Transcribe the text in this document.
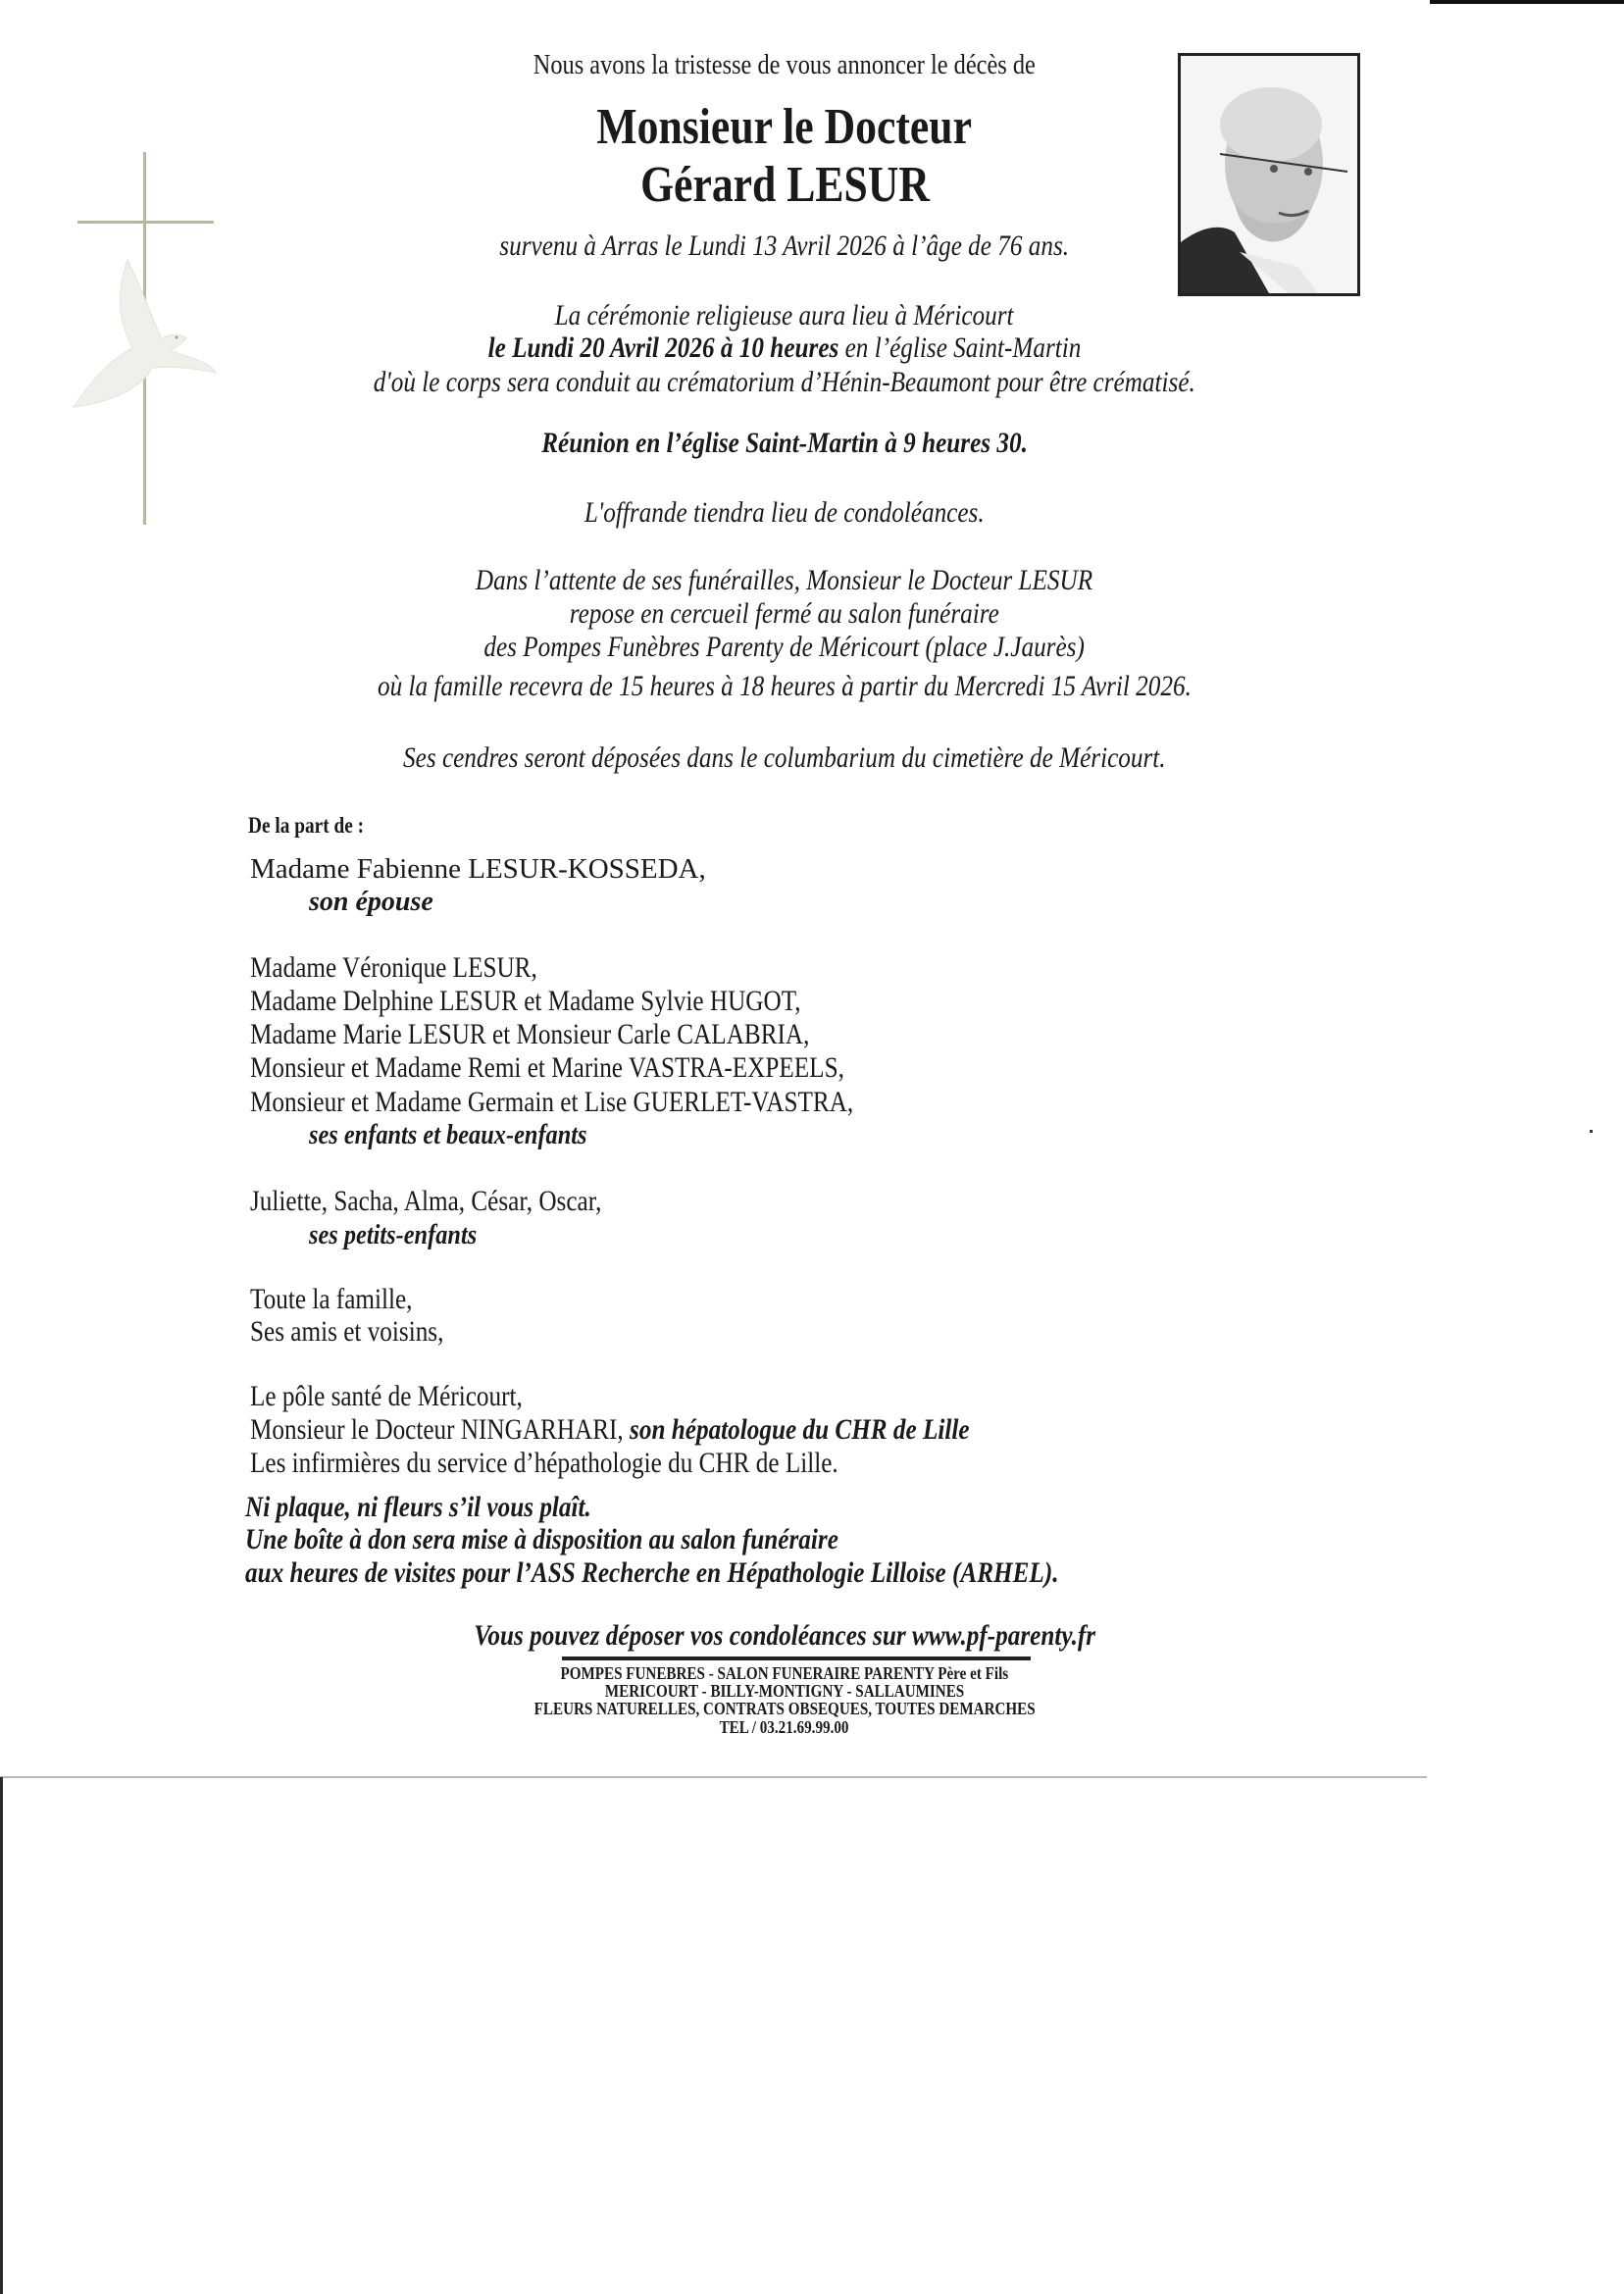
Nous avons la tristesse de vous annoncer le décès de
Monsieur le Docteur
Gérard LESUR
survenu à Arras le Lundi 13 Avril 2026 à l’âge de 76 ans.
La cérémonie religieuse aura lieu à Méricourt
le Lundi 20 Avril 2026 à 10 heures en l’église Saint-Martin
d'où le corps sera conduit au crématorium d’Hénin-Beaumont pour être crématisé.
Réunion en l’église Saint-Martin à 9 heures 30.
L'offrande tiendra lieu de condoléances.
Dans l’attente de ses funérailles, Monsieur le Docteur LESUR
repose en cercueil fermé au salon funéraire
des Pompes Funèbres Parenty de Méricourt (place J.Jaurès)
où la famille recevra de 15 heures à 18 heures à partir du Mercredi 15 Avril 2026.
Ses cendres seront déposées dans le columbarium du cimetière de Méricourt.
De la part de :
Madame Fabienne LESUR-KOSSEDA,
son épouse
Madame Véronique LESUR,
Madame Delphine LESUR et Madame Sylvie HUGOT,
Madame Marie LESUR et Monsieur Carle CALABRIA,
Monsieur et Madame Remi et Marine VASTRA-EXPEELS,
Monsieur et Madame Germain et Lise GUERLET-VASTRA,
ses enfants et beaux-enfants
Juliette, Sacha, Alma, César, Oscar,
ses petits-enfants
Toute la famille,
Ses amis et voisins,
Le pôle santé de Méricourt,
Monsieur le Docteur NINGARHARI, son hépatologue du CHR de Lille
Les infirmières du service d’hépathologie du CHR de Lille.
Ni plaque, ni fleurs s’il vous plaît.
Une boîte à don sera mise à disposition au salon funéraire
aux heures de visites pour l’ASS Recherche en Hépathologie Lilloise (ARHEL).
Vous pouvez déposer vos condoléances sur www.pf-parenty.fr
POMPES FUNEBRES - SALON FUNERAIRE PARENTY Père et Fils
MERICOURT - BILLY-MONTIGNY - SALLAUMINES
FLEURS NATURELLES, CONTRATS OBSEQUES, TOUTES DEMARCHES
TEL / 03.21.69.99.00
